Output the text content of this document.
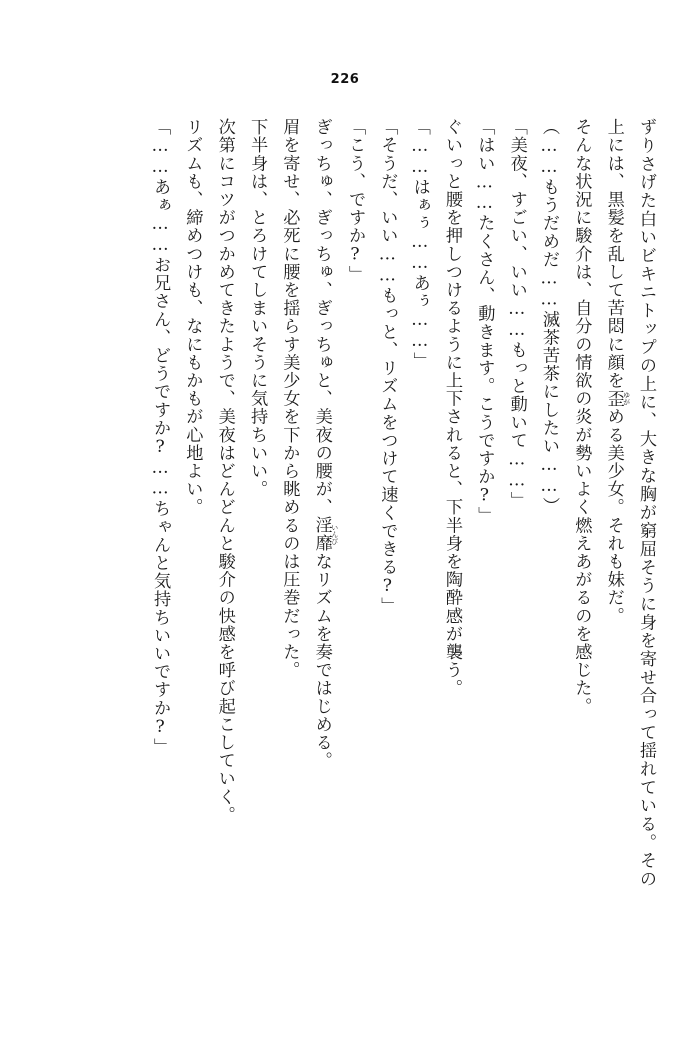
226

ずりさげた白いビキニトップの上に、大きな胸が窮屈そうに身を寄せ合って揺れている。その上には、黒髪を乱して苦悶に顔を歪 ゆがめる美少女。それも妹だ。

そんな状況に駿介は、自分の情欲の炎が勢いよく燃えあがるのを感じた。

（……もうだめだ……滅茶苦茶にしたい……）

「美夜、すごい、いい……もっと動いて……」

「はい……たくさん、動きます。こうですか?」

ぐいっと腰を押しつけるように上下されると、下半身を陶酔感が襲う。

「……はぁぅ……あぅ……」

「そうだ、いい……もっと、リズムをつけて速くできる?」

「こう、ですか?」

ぎっちゅ、ぎっちゅ、ぎっちゅと、美夜の腰が、淫靡 いんびなリズムを奏ではじめる。

眉を寄せ、必死に腰を揺らす美少女を下から眺めるのは圧巻だった。

下半身は、とろけてしまいそうに気持ちいい。

次第にコツがつかめてきたようで、美夜はどんどんと駿介の快感を呼び起こしていく。

リズムも、締めつけも、なにもかもが心地よい。

「……あぁ……お兄さん、どうですか?……ちゃんと気持ちいいですか?」
